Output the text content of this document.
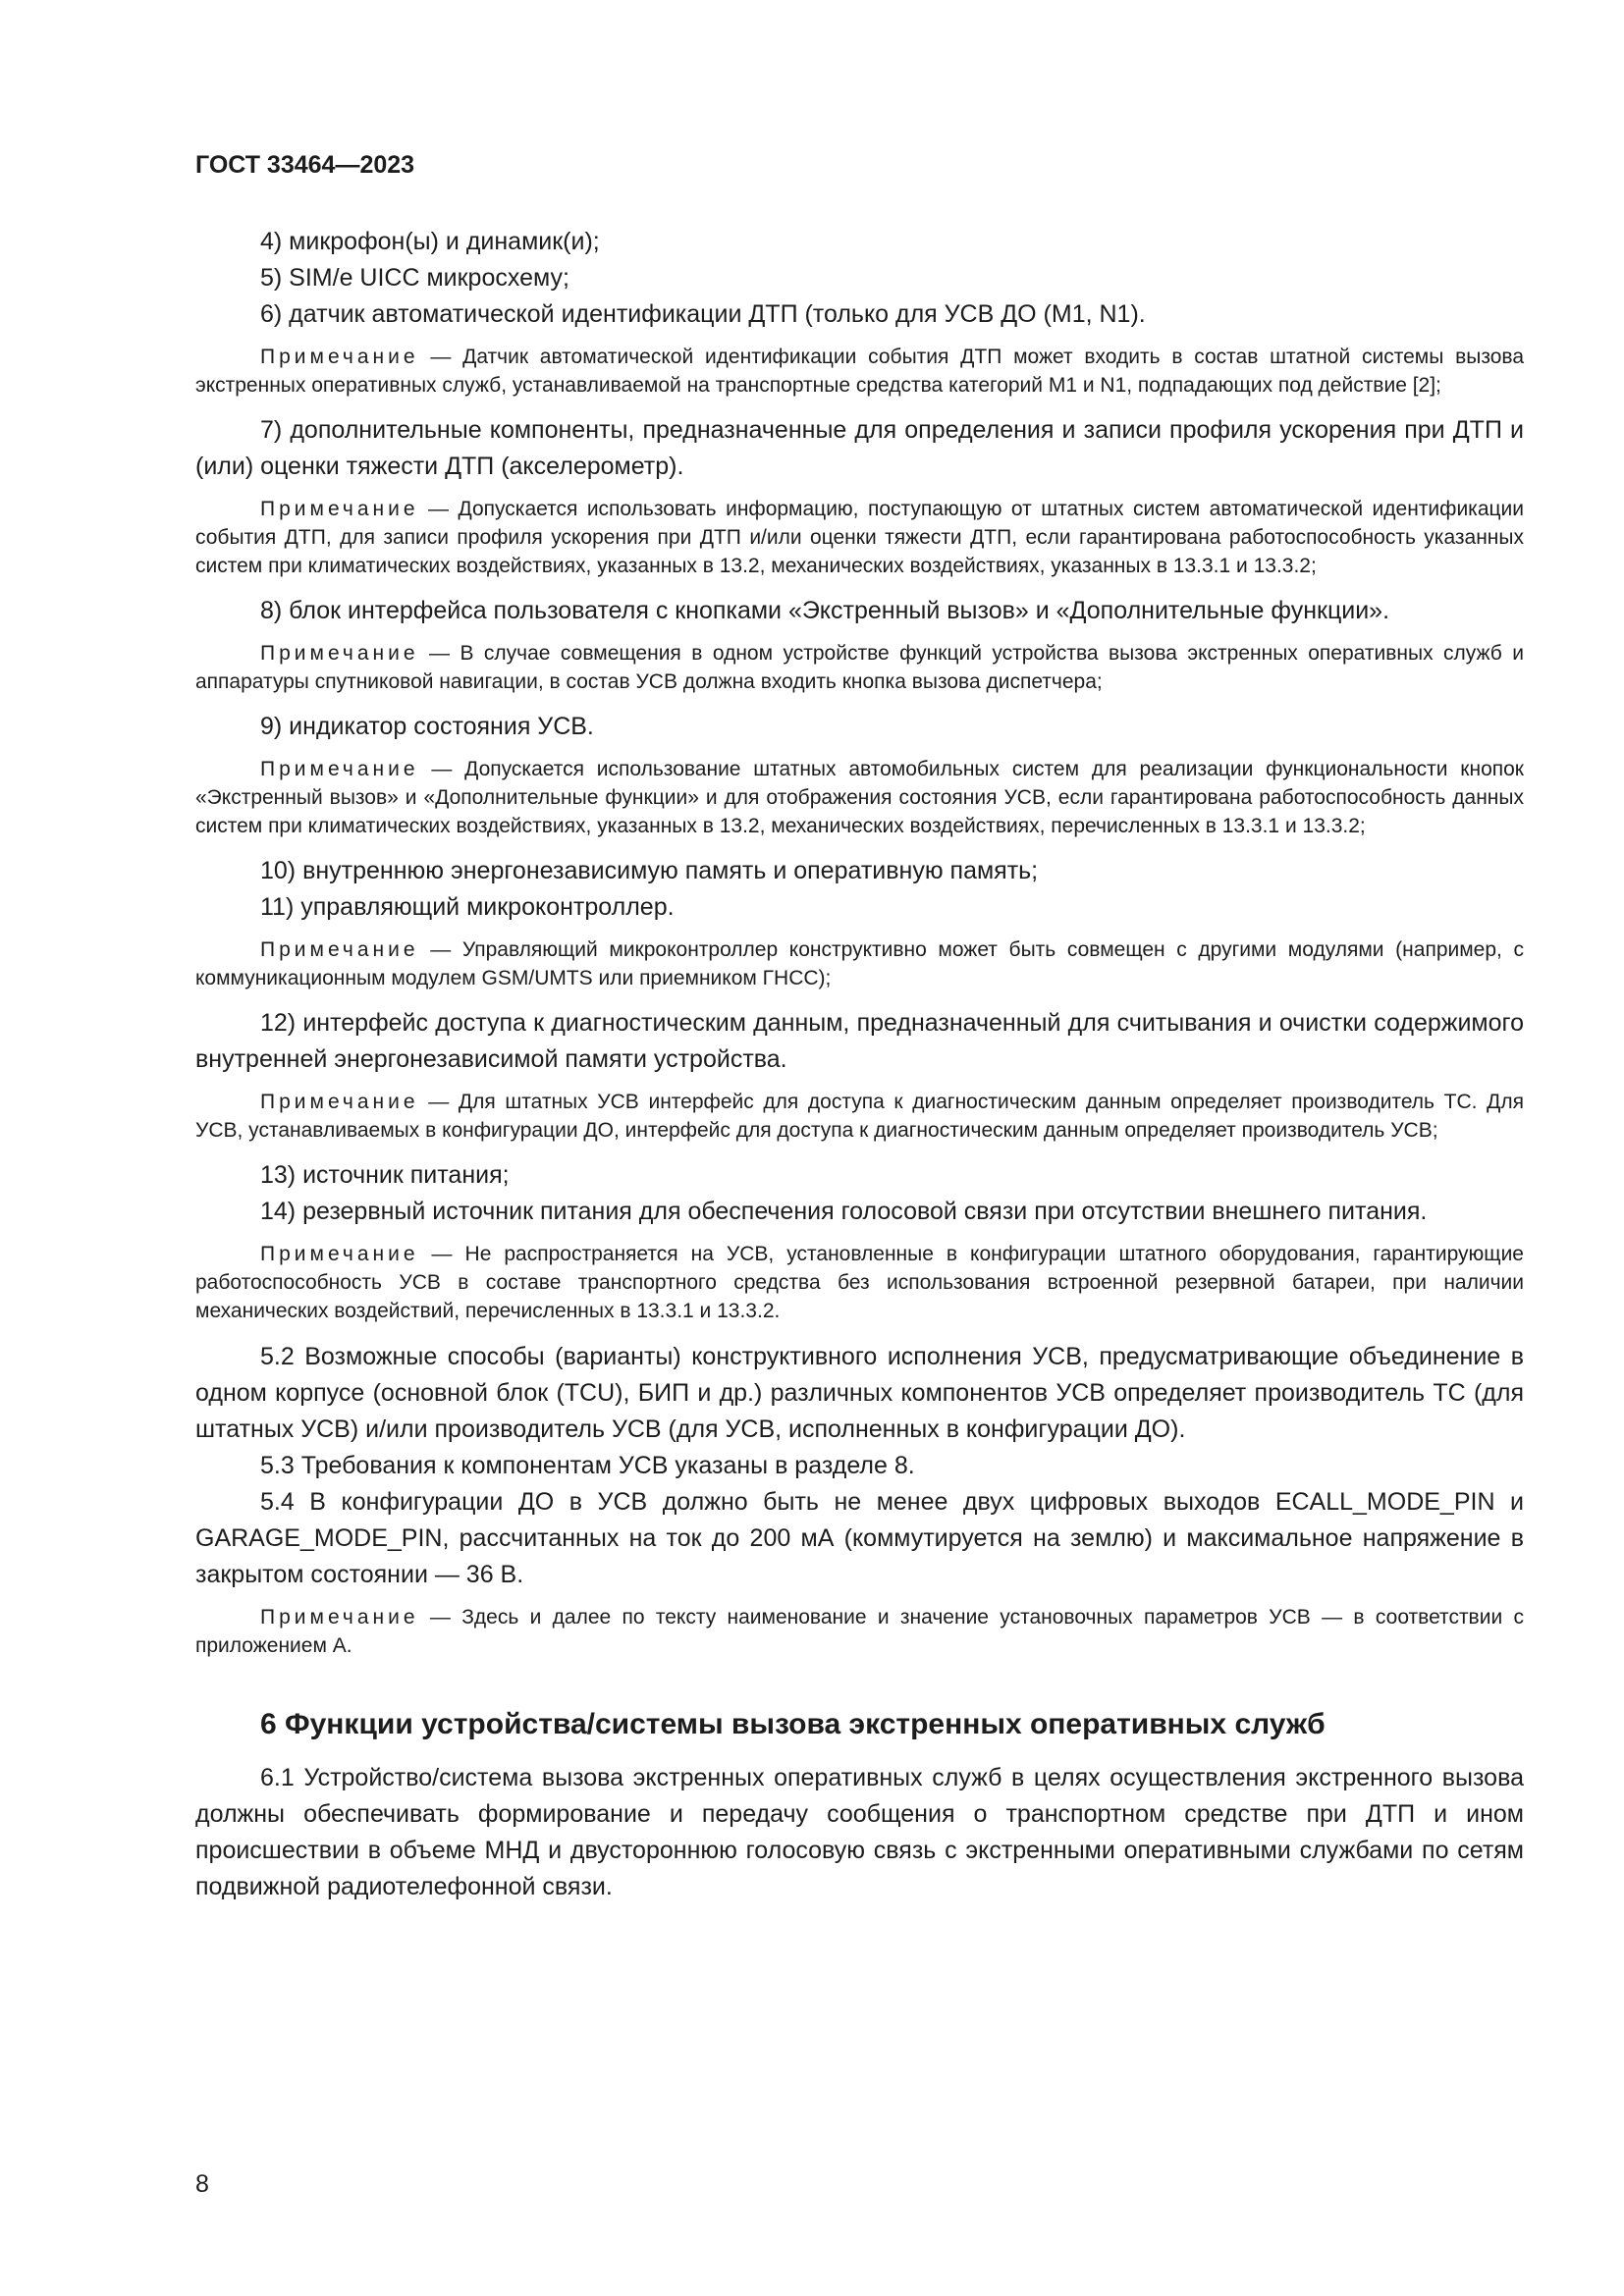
ГОСТ 33464—2023

4) микрофон(ы) и динамик(и);

5) SIM/e UICC микросхему;

6) датчик автоматической идентификации ДТП (только для УСВ ДО (М1, N1).

Примечание — Датчик автоматической идентификации события ДТП может входить в состав штатной системы вызова экстренных оперативных служб, устанавливаемой на транспортные средства категорий М1 и N1, подпадающих под действие [2];

7) дополнительные компоненты, предназначенные для определения и записи профиля ускорения при ДТП и (или) оценки тяжести ДТП (акселерометр).

Примечание — Допускается использовать информацию, поступающую от штатных систем автоматической идентификации события ДТП, для записи профиля ускорения при ДТП и/или оценки тяжести ДТП, если гарантирована работоспособность указанных систем при климатических воздействиях, указанных в 13.2, механических воздействиях, указанных в 13.3.1 и 13.3.2;

8) блок интерфейса пользователя с кнопками «Экстренный вызов» и «Дополнительные функции».

Примечание — В случае совмещения в одном устройстве функций устройства вызова экстренных оперативных служб и аппаратуры спутниковой навигации, в состав УСВ должна входить кнопка вызова диспетчера;

9) индикатор состояния УСВ.

Примечание — Допускается использование штатных автомобильных систем для реализации функциональности кнопок «Экстренный вызов» и «Дополнительные функции» и для отображения состояния УСВ, если гарантирована работоспособность данных систем при климатических воздействиях, указанных в 13.2, механических воздействиях, перечисленных в 13.3.1 и 13.3.2;

10) внутреннюю энергонезависимую память и оперативную память;

11) управляющий микроконтроллер.

Примечание — Управляющий микроконтроллер конструктивно может быть совмещен с другими модулями (например, с коммуникационным модулем GSM/UMTS или приемником ГНСС);

12) интерфейс доступа к диагностическим данным, предназначенный для считывания и очистки содержимого внутренней энергонезависимой памяти устройства.

Примечание — Для штатных УСВ интерфейс для доступа к диагностическим данным определяет производитель ТС. Для УСВ, устанавливаемых в конфигурации ДО, интерфейс для доступа к диагностическим данным определяет производитель УСВ;

13) источник питания;

14) резервный источник питания для обеспечения голосовой связи при отсутствии внешнего питания.

Примечание — Не распространяется на УСВ, установленные в конфигурации штатного оборудования, гарантирующие работоспособность УСВ в составе транспортного средства без использования встроенной резервной батареи, при наличии механических воздействий, перечисленных в 13.3.1 и 13.3.2.

5.2 Возможные способы (варианты) конструктивного исполнения УСВ, предусматривающие объединение в одном корпусе (основной блок (TCU), БИП и др.) различных компонентов УСВ определяет производитель ТС (для штатных УСВ) и/или производитель УСВ (для УСВ, исполненных в конфигурации ДО).

5.3 Требования к компонентам УСВ указаны в разделе 8.

5.4 В конфигурации ДО в УСВ должно быть не менее двух цифровых выходов ECALL_MODE_PIN и GARAGE_MODE_PIN, рассчитанных на ток до 200 мА (коммутируется на землю) и максимальное напряжение в закрытом состоянии — 36 В.

Примечание — Здесь и далее по тексту наименование и значение установочных параметров УСВ — в соответствии с приложением А.

6 Функции устройства/системы вызова экстренных оперативных служб

6.1 Устройство/система вызова экстренных оперативных служб в целях осуществления экстренного вызова должны обеспечивать формирование и передачу сообщения о транспортном средстве при ДТП и ином происшествии в объеме МНД и двустороннюю голосовую связь с экстренными оперативными службами по сетям подвижной радиотелефонной связи.

8
